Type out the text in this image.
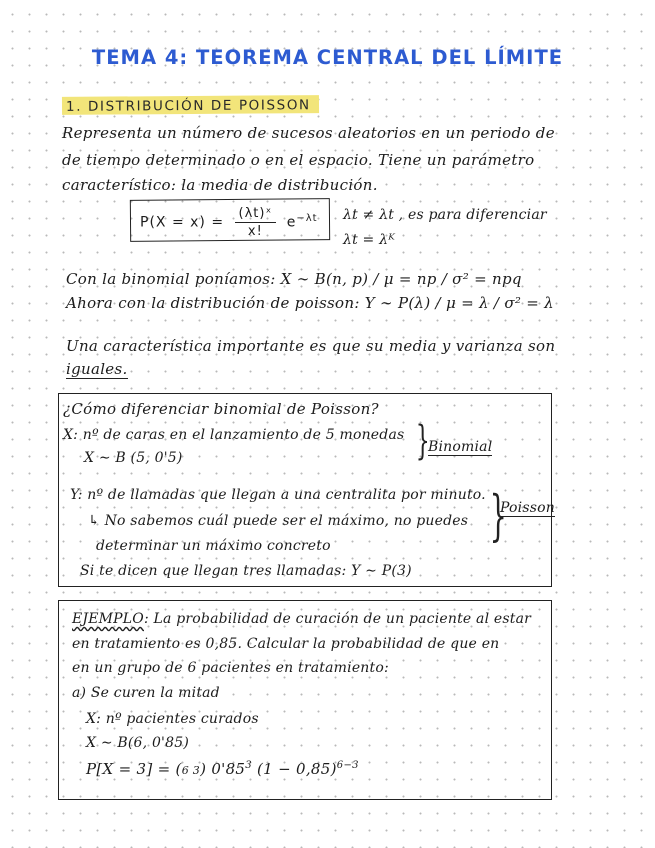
TEMA 4: TEOREMA CENTRAL DEL LÍMITE
1. DISTRIBUCIÓN DE POISSON
Representa un número de sucesos aleatorios en un periodo de
de tiempo determinado o en el espacio. Tiene un parámetro
característico: la media de distribución.
$P(X = x) = \frac{\text{(λt)ˣ}}{x!} e^{-\lambda t}$ λt ≠ λt , es para diferenciar
λt = λᴷ
Con la binomial poníamos: X ∼ B(n, p) / μ = np / σ² = npq
Ahora con la distribución de poisson: Y ∼ P(λ) / μ = λ / σ² = λ
Una característica importante es que su media y varianza son
iguales.
¿Cómo diferenciar binomial de Poisson?
X: nº de caras en el lanzamiento de 5 monedas
X ∼ B (5, 0'5)	}
Binomial
Y: nº de llamadas que llegan a una centralita por minuto.
↳ No sabemos cuál puede ser el máximo, no puedes
determinar un máximo concreto	}
Poisson
Si te dicen que llegan tres llamadas: Y ∼ P(3)
EJEMPLO: La probabilidad de curación de un paciente al estar
en tratamiento es 0,85. Calcular la probabilidad de que en
en un grupo de 6 pacientes en tratamiento:
a) Se curen la mitad
X: nº pacientes curados
X ∼ B(6, 0'85)
P[X = 3] = (6 3) $0'85^3$ $(1 - 0,85)^{6-3}$
